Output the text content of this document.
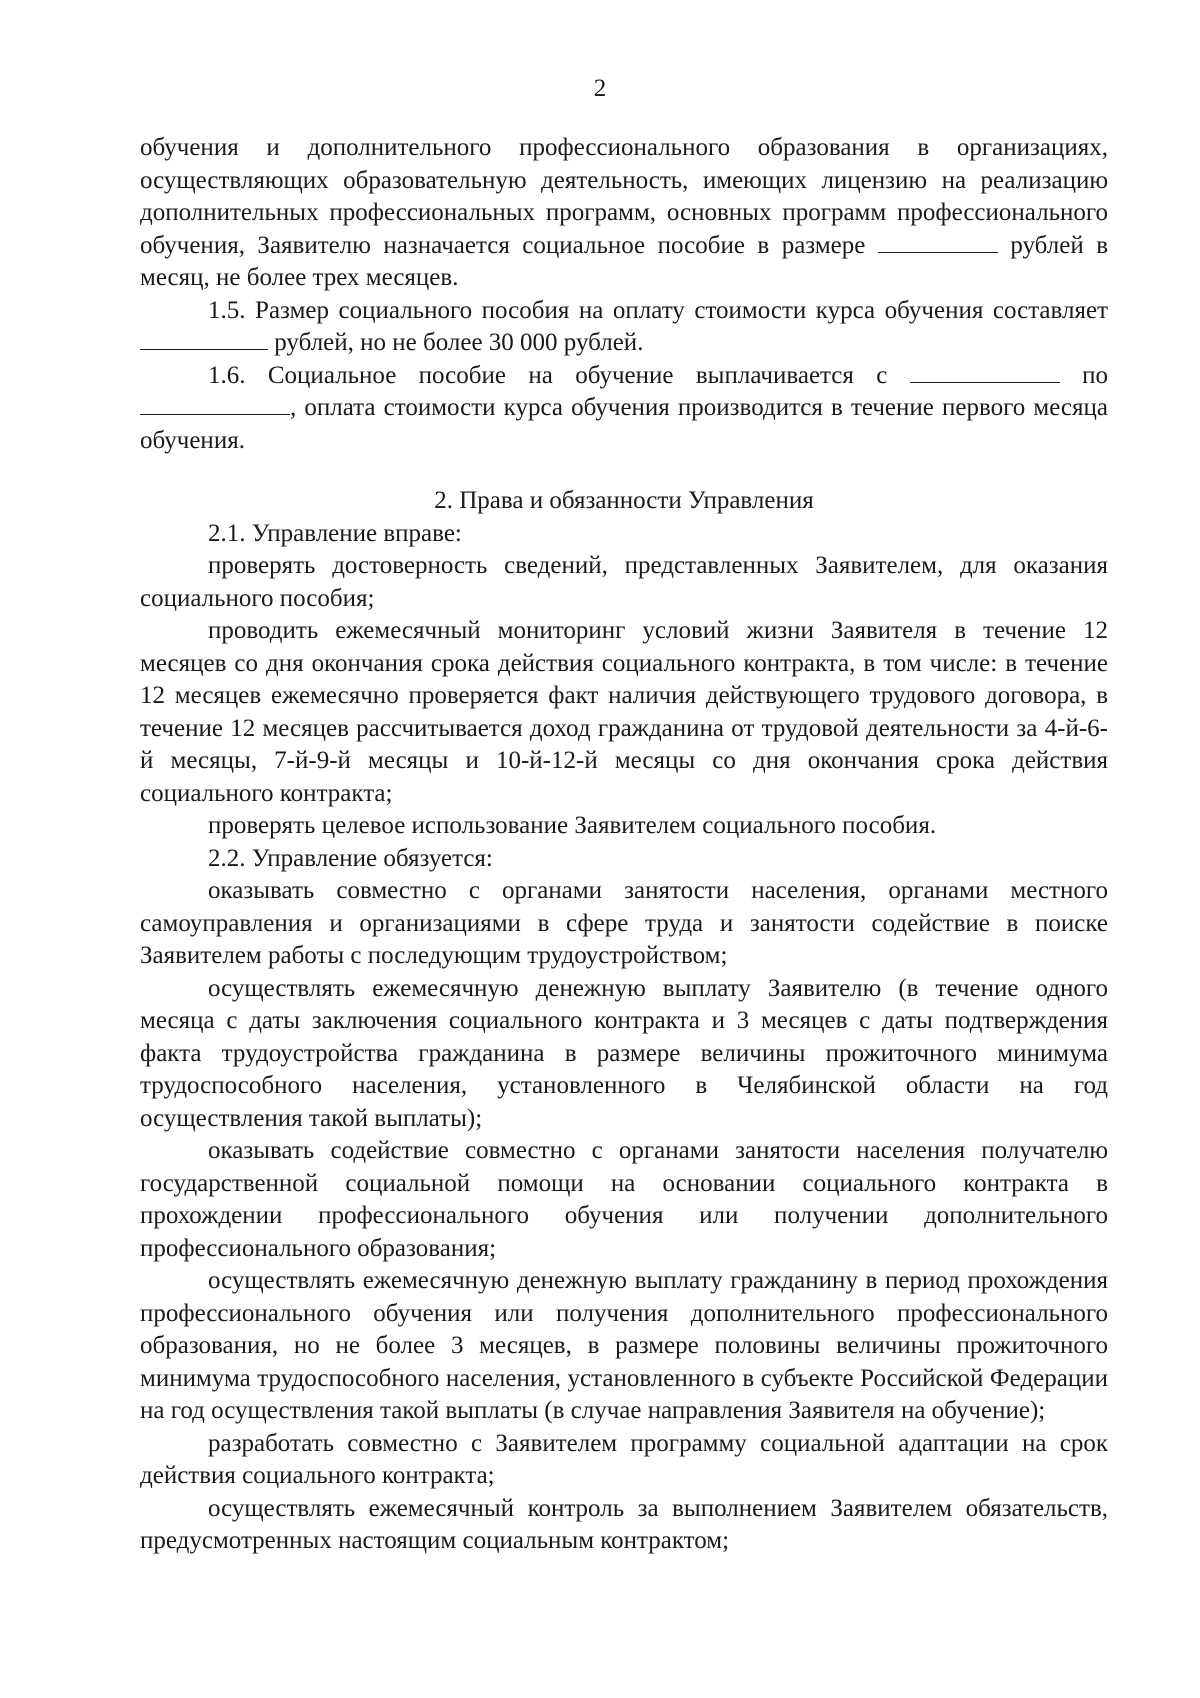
2

обучения и дополнительного профессионального образования в организациях, осуществляющих образовательную деятельность, имеющих лицензию на реализацию дополнительных профессиональных программ, основных программ профессионального обучения, Заявителю назначается социальное пособие в размере	рублей в месяц, не более трех месяцев.

1.5. Размер социального пособия на оплату стоимости курса обучения составляет  рублей, но не более 30 000 рублей.

1.6. Социальное пособие на обучение выплачивается с	по , оплата стоимости курса обучения производится в течение первого месяца обучения.

2. Права и обязанности Управления

2.1. Управление вправе:

проверять достоверность сведений, представленных Заявителем, для оказания социального пособия;

проводить ежемесячный мониторинг условий жизни Заявителя в течение 12 месяцев со дня окончания срока действия социального контракта, в том числе: в течение 12 месяцев ежемесячно проверяется факт наличия действующего трудового договора, в течение 12 месяцев рассчитывается доход гражданина от трудовой деятельности за 4-й-6-й месяцы, 7-й-9-й месяцы и 10-й-12-й месяцы со дня окончания срока действия социального контракта;

проверять целевое использование Заявителем социального пособия.

2.2. Управление обязуется:

оказывать совместно с органами занятости населения, органами местного самоуправления и организациями в сфере труда и занятости содействие в поиске Заявителем работы с последующим трудоустройством;

осуществлять ежемесячную денежную выплату Заявителю (в течение одного месяца с даты заключения социального контракта и 3 месяцев с даты подтверждения факта трудоустройства гражданина в размере величины прожиточного минимума трудоспособного населения, установленного в Челябинской области на год осуществления такой выплаты);

оказывать содействие совместно с органами занятости населения получателю государственной социальной помощи на основании социального контракта в прохождении профессионального обучения или получении дополнительного профессионального образования;

осуществлять ежемесячную денежную выплату гражданину в период прохождения профессионального обучения или получения дополнительного профессионального образования, но не более 3 месяцев, в размере половины величины прожиточного минимума трудоспособного населения, установленного в субъекте Российской Федерации на год осуществления такой выплаты (в случае направления Заявителя на обучение);

разработать совместно с Заявителем программу социальной адаптации на срок действия социального контракта;

осуществлять ежемесячный контроль за выполнением Заявителем обязательств, предусмотренных настоящим социальным контрактом;
